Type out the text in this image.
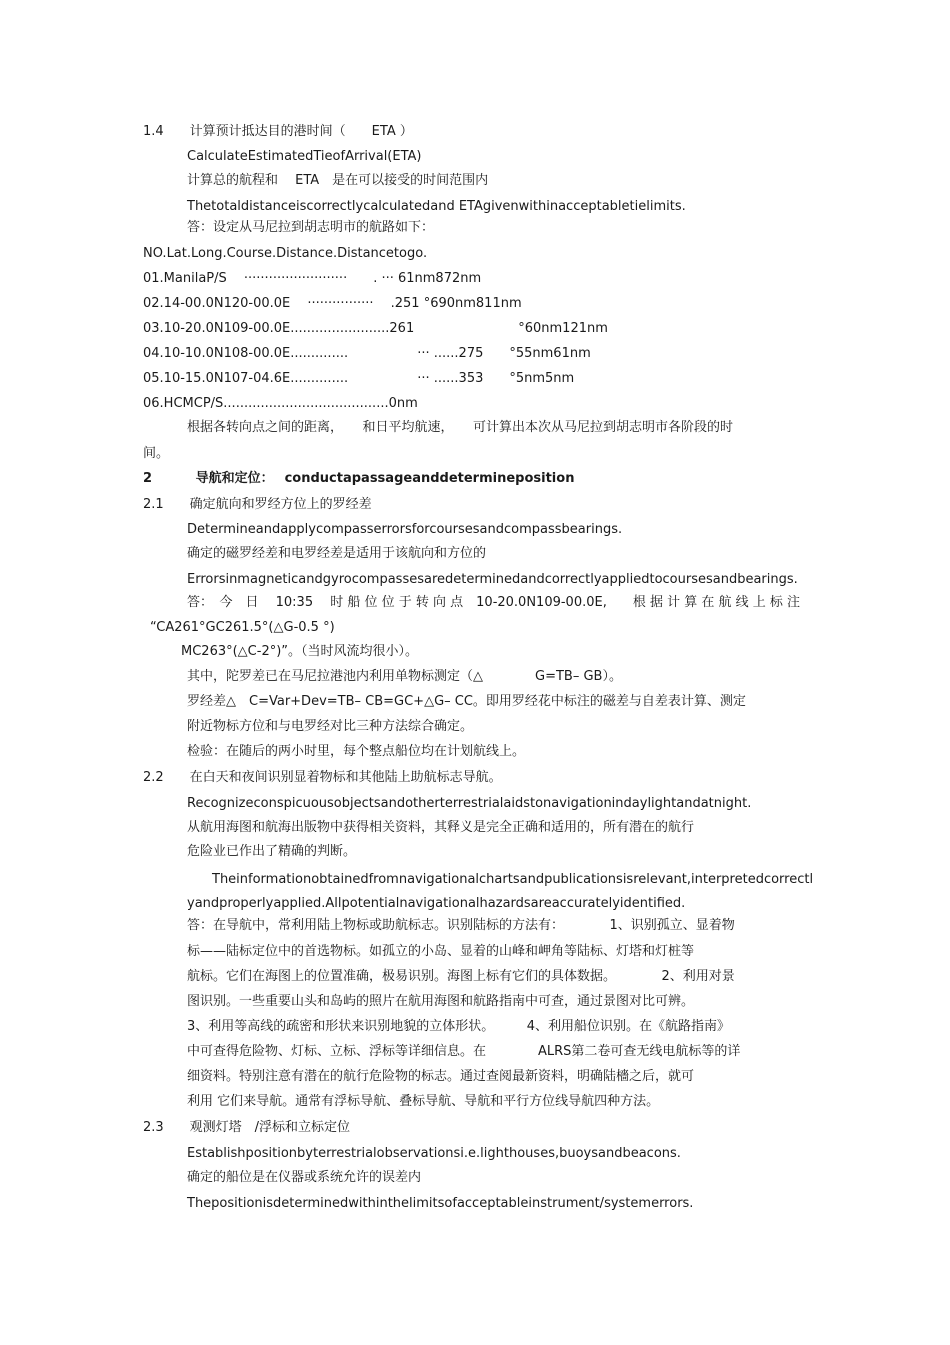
1.4　　计算预计抵达目的港时间（　　ETA ）
CalculateEstimatedTieofArrival(ETA)
计算总的航程和　 ETA　是在可以接受的时间范围内
Thetotaldistanceiscorrectlycalculatedand ETAgivenwithinacceptabletielimits.
答：设定从马尼拉到胡志明市的航路如下：
NO.Lat.Long.Course.Distance.Distancetogo.
01.ManilaP/S　 ·························　　. ··· 61nm872nm
02.14-00.0N120-00.0E　 ················　 .251 °690nm811nm
03.10-20.0N109-00.0E........................261　　　　　　　　°60nm121nm
04.10-10.0N108-00.0E..............　　　　　 ··· ......275　　°55nm61nm
05.10-15.0N107-04.6E..............　　　　　 ··· ......353　　°5nm5nm
06.HCMCP/S........................................0nm
根据各转向点之间的距离，　　和日平均航速，　　可计算出本次从马尼拉到胡志明市各阶段的时
间。
2　　　 导航和定位：　 conductapassageanddetermineposition
2.1　　确定航向和罗经方位上的罗经差
Determineandapplycompasserrorsforcoursesandcompassbearings.
确定的磁罗经差和电罗经差是适用于该航向和方位的
Errorsinmagneticandgyrocompassesaredeterminedandcorrectlyappliedtocoursesandbearings.
答：　今　日　 10:35　 时 船 位 位 于 转 向 点　10-20.0N109-00.0E,　　根 据 计 算 在 航 线 上 标 注
“CA261°GC261.5°(△G-0.5 °)
MC263°(△C-2°)”。（当时风流均很小）。
其中，陀罗差已在马尼拉港池内利用单物标测定（△　　　　G=TB– GB）。
罗经差△　C=Var+Dev=TB– CB=GC+△G– CC。即用罗经花中标注的磁差与自差表计算、测定
附近物标方位和与电罗经对比三种方法综合确定。
检验：在随后的两小时里，每个整点船位均在计划航线上。
2.2　　在白天和夜间识别显着物标和其他陆上助航标志导航。
Recognizeconspicuousobjectsandotherterrestrialaidstonavigationindaylightandatnight.
从航用海图和航海出版物中获得相关资料，其释义是完全正确和适用的，所有潜在的航行
危险业已作出了精确的判断。
Theinformationobtainedfromnavigationalchartsandpublicationsisrelevant,interpretedcorrectl
yandproperlyapplied.Allpotentialnavigationalhazardsareaccuratelyidentified.
答：在导航中，常利用陆上物标或助航标志。识别陆标的方法有：　　　　1、识别孤立、显着物
标——陆标定位中的首选物标。如孤立的小岛、显着的山峰和岬角等陆标、灯塔和灯桩等
航标。它们在海图上的位置准确，极易识别。海图上标有它们的具体数据。　　　　2、利用对景
图识别。一些重要山头和岛屿的照片在航用海图和航路指南中可查，通过景图对比可辨。
3、利用等高线的疏密和形状来识别地貌的立体形状。　　　4、利用船位识别。在《航路指南》
中可查得危险物、灯标、立标、浮标等详细信息。在　　　　ALRS第二卷可查无线电航标等的详
细资料。特别注意有潜在的航行危险物的标志。通过查阅最新资料，明确陆檣之后，就可
利用 它们来导航。通常有浮标导航、叠标导航、导航和平行方位线导航四种方法。
2.3　　观测灯塔　/浮标和立标定位
Establishpositionbyterrestrialobservationsi.e.lighthouses,buoysandbeacons.
确定的船位是在仪器或系统允许的误差内
Thepositionisdeterminedwithinthelimitsofacceptableinstrument/systemerrors.
